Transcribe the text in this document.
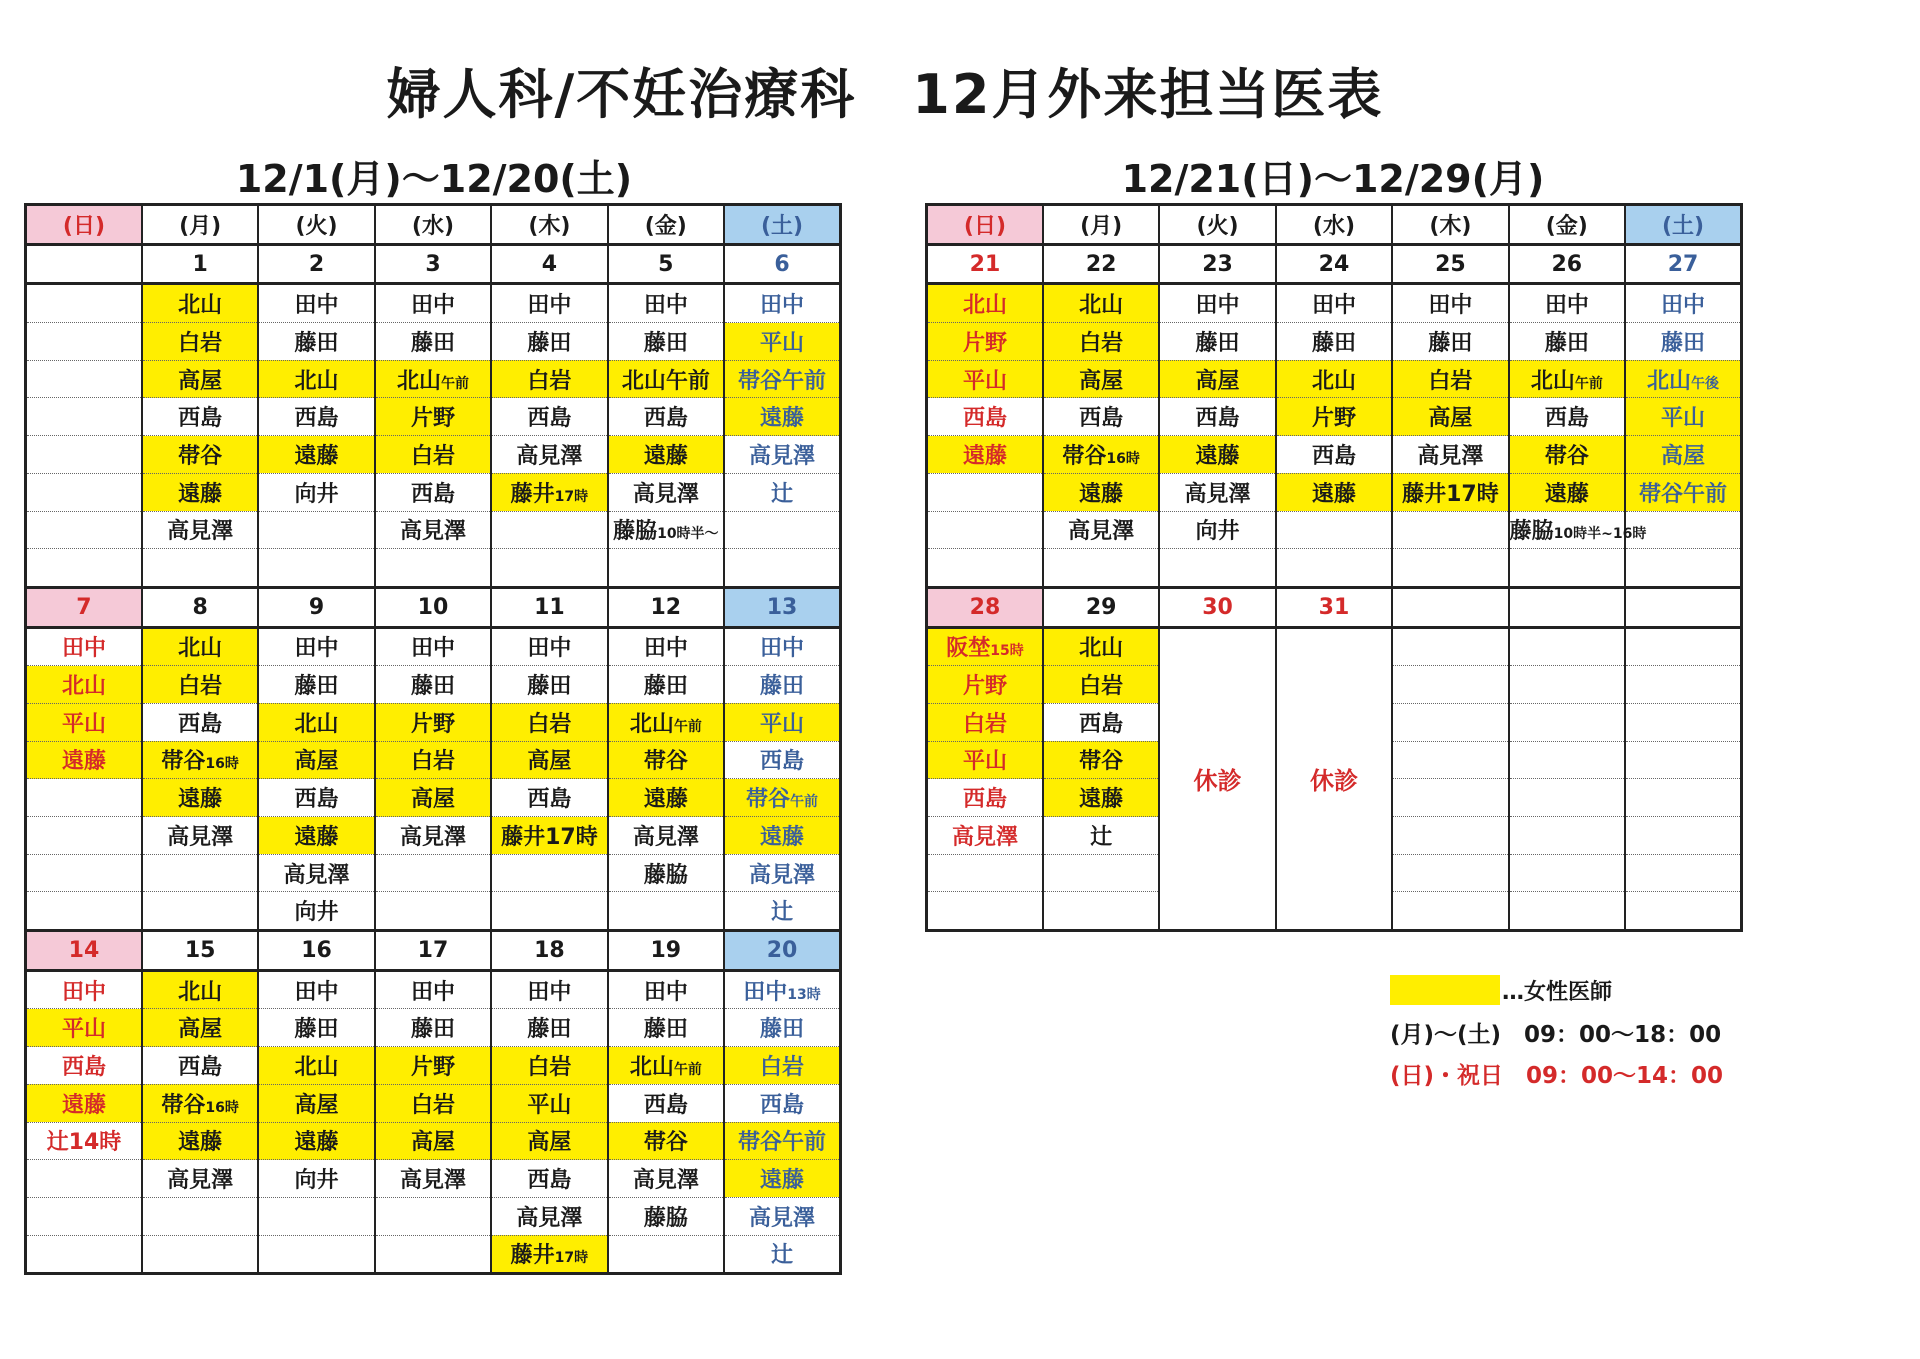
婦人科/不妊治療科　12月外来担当医表
12/1(月)～12/20(土)	12/21(日)～12/29(月)
(日)	(月)	(火)	(水)	(木)	(金)	(土)
	1	2	3	4	5	6
	北山	田中	田中	田中	田中	田中
	白岩	藤田	藤田	藤田	藤田	平山
	高屋	北山	北山午前	白岩	北山午前	帯谷午前
	西島	西島	片野	西島	西島	遠藤
	帯谷	遠藤	白岩	高見澤	遠藤	高見澤
	遠藤	向井	西島	藤井17時	高見澤	辻
	高見澤		高見澤		藤脇10時半～	

7	8	9	10	11	12	13
田中	北山	田中	田中	田中	田中	田中
北山	白岩	藤田	藤田	藤田	藤田	藤田
平山	西島	北山	片野	白岩	北山午前	平山
遠藤	帯谷16時	高屋	白岩	高屋	帯谷	西島
	遠藤	西島	高屋	西島	遠藤	帯谷午前
	高見澤	遠藤	高見澤	藤井17時	高見澤	遠藤
		高見澤			藤脇	高見澤
		向井				辻
14	15	16	17	18	19	20
田中	北山	田中	田中	田中	田中	田中13時
平山	高屋	藤田	藤田	藤田	藤田	藤田
西島	西島	北山	片野	白岩	北山午前	白岩
遠藤	帯谷16時	高屋	白岩	平山	西島	西島
辻14時	遠藤	遠藤	高屋	高屋	帯谷	帯谷午前
	高見澤	向井	高見澤	西島	高見澤	遠藤
				高見澤	藤脇	高見澤
				藤井17時		辻
(日)	(月)	(火)	(水)	(木)	(金)	(土)
21	22	23	24	25	26	27
北山	北山	田中	田中	田中	田中	田中
片野	白岩	藤田	藤田	藤田	藤田	藤田
平山	高屋	高屋	北山	白岩	北山午前	北山午後
西島	西島	西島	片野	高屋	西島	平山
遠藤	帯谷16時	遠藤	西島	高見澤	帯谷	高屋
	遠藤	高見澤	遠藤	藤井17時	遠藤	帯谷午前
	高見澤	向井			藤脇10時半~16時	

28	29	30	31			
阪埜15時	北山	休診	休診			
片野	白岩					
白岩	西島					
平山	帯谷					
西島	遠藤					
高見澤	辻					

…女性医師
(月)～(土)　09：00～18：00
(日)・祝日　09：00～14：00
